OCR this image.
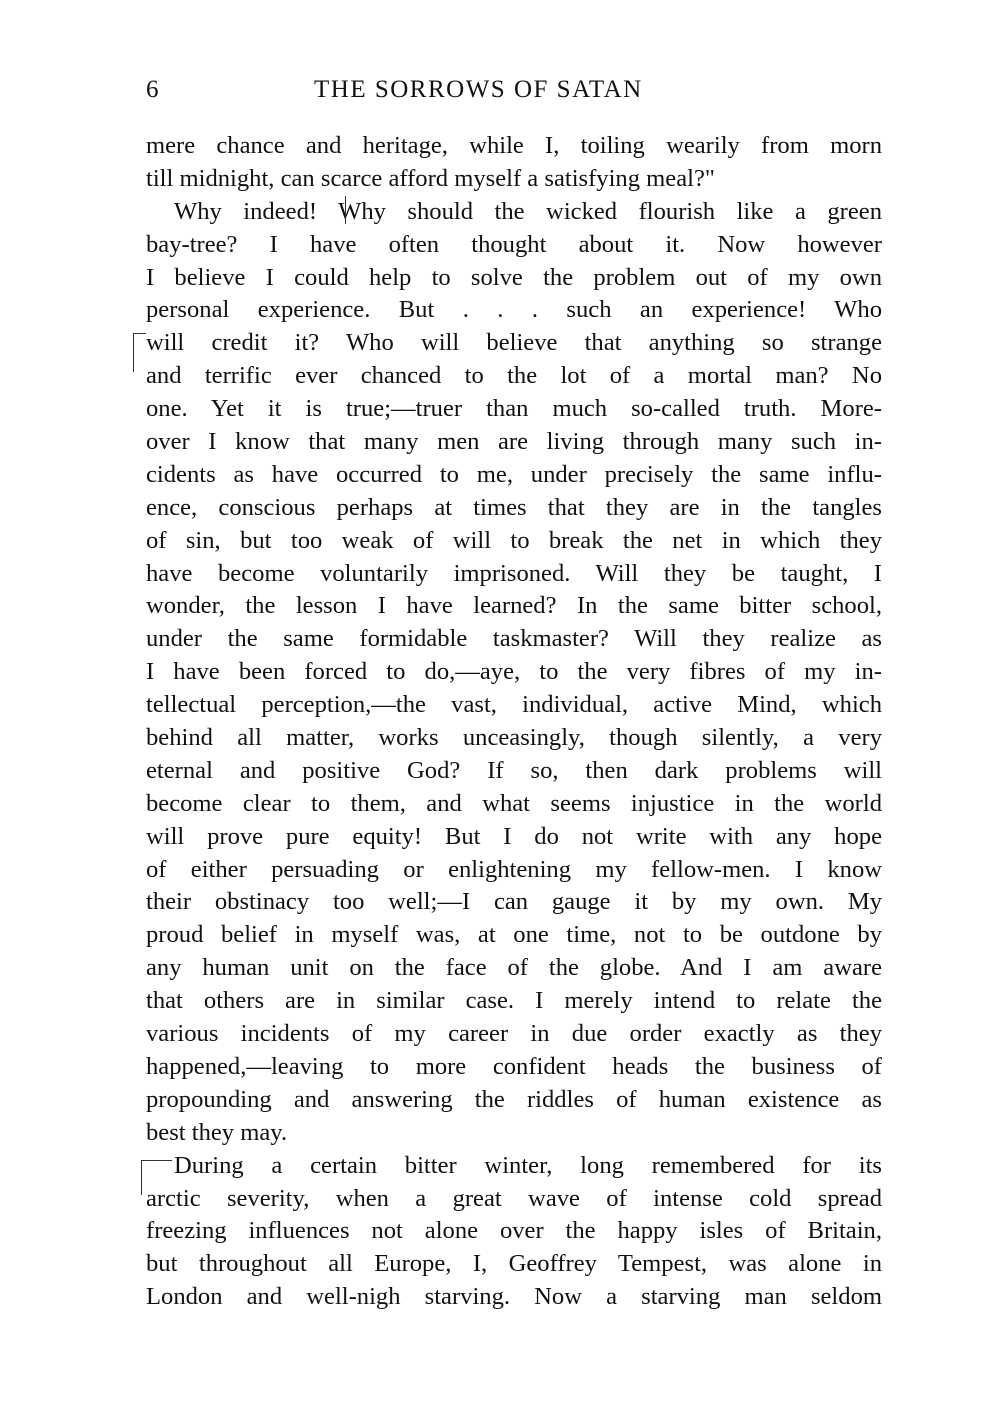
6	THE SORROWS OF SATAN
mere chance and heritage, while I, toiling wearily from morn
till midnight, can scarce afford myself a satisfying meal?"
Why indeed! Why should the wicked flourish like a green
bay-tree? I have often thought about it. Now however
I believe I could help to solve the problem out of my own
personal experience. But . . . such an experience! Who
will credit it? Who will believe that anything so strange
and terrific ever chanced to the lot of a mortal man? No
one. Yet it is true;—truer than much so-called truth. More-
over I know that many men are living through many such in-
cidents as have occurred to me, under precisely the same influ-
ence, conscious perhaps at times that they are in the tangles
of sin, but too weak of will to break the net in which they
have become voluntarily imprisoned. Will they be taught, I
wonder, the lesson I have learned? In the same bitter school,
under the same formidable taskmaster? Will they realize as
I have been forced to do,—aye, to the very fibres of my in-
tellectual perception,—the vast, individual, active Mind, which
behind all matter, works unceasingly, though silently, a very
eternal and positive God? If so, then dark problems will
become clear to them, and what seems injustice in the world
will prove pure equity! But I do not write with any hope
of either persuading or enlightening my fellow-men. I know
their obstinacy too well;—I can gauge it by my own. My
proud belief in myself was, at one time, not to be outdone by
any human unit on the face of the globe. And I am aware
that others are in similar case. I merely intend to relate the
various incidents of my career in due order exactly as they
happened,—leaving to more confident heads the business of
propounding and answering the riddles of human existence as
best they may.
During a certain bitter winter, long remembered for its
arctic severity, when a great wave of intense cold spread
freezing influences not alone over the happy isles of Britain,
but throughout all Europe, I, Geoffrey Tempest, was alone in
London and well-nigh starving. Now a starving man seldom
